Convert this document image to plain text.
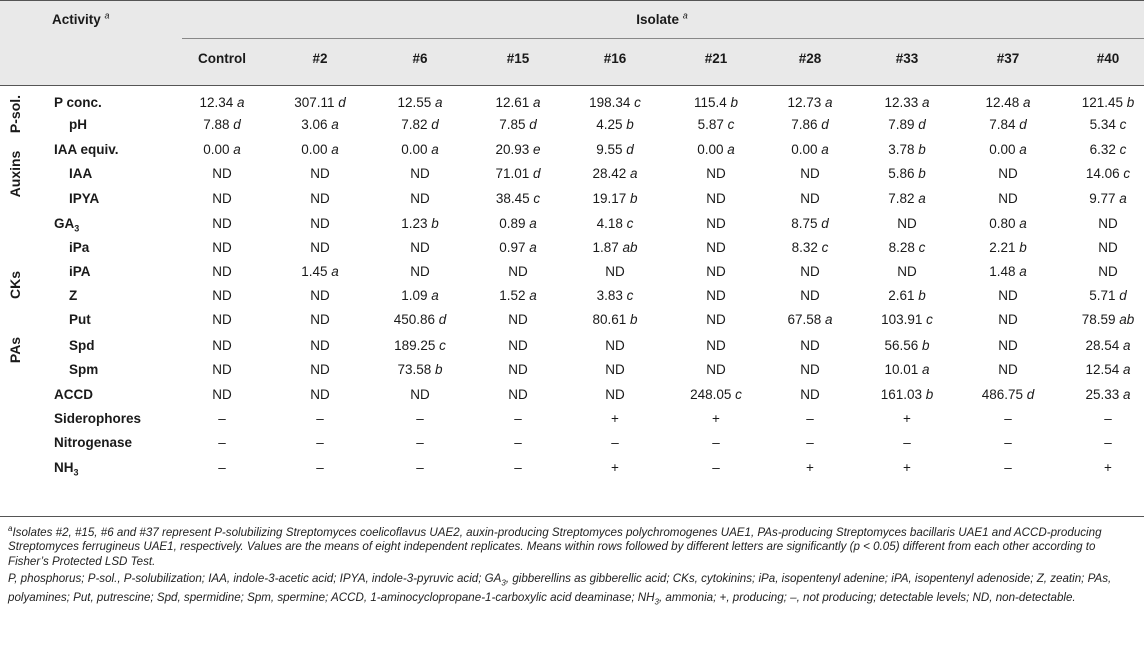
Activity $^a$	Isolate $^a$
Control	#2	#6	#15	#16	#21	#28	#33	#37	#40
P-sol.
Auxins
CKs
PAs
P conc.	12.34 a	307.11 d	12.55 a	12.61 a	198.34 c	115.4 b	12.73 a	12.33 a	12.48 a	121.45 b
pH	7.88 d	3.06 a	7.82 d	7.85 d	4.25 b	5.87 c	7.86 d	7.89 d	7.84 d	5.34 c
IAA equiv.	0.00 a	0.00 a	0.00 a	20.93 e	9.55 d	0.00 a	0.00 a	3.78 b	0.00 a	6.32 c
IAA	ND	ND	ND	71.01 d	28.42 a	ND	ND	5.86 b	ND	14.06 c
IPYA	ND	ND	ND	38.45 c	19.17 b	ND	ND	7.82 a	ND	9.77 a
$GA_3$	ND	ND	1.23 b	0.89 a	4.18 c	ND	8.75 d	ND	0.80 a	ND
iPa	ND	ND	ND	0.97 a	1.87 ab	ND	8.32 c	8.28 c	2.21 b	ND
iPA	ND	1.45 a	ND	ND	ND	ND	ND	ND	1.48 a	ND
Z	ND	ND	1.09 a	1.52 a	3.83 c	ND	ND	2.61 b	ND	5.71 d
Put	ND	ND	450.86 d	ND	80.61 b	ND	67.58 a	103.91 c	ND	78.59 ab
Spd	ND	ND	189.25 c	ND	ND	ND	ND	56.56 b	ND	28.54 a
Spm	ND	ND	73.58 b	ND	ND	ND	ND	10.01 a	ND	12.54 a
ACCD	ND	ND	ND	ND	ND	248.05 c	ND	161.03 b	486.75 d	25.33 a
Siderophores	–	–	–	–	+	+	–	+	–	–
Nitrogenase	–	–	–	–	–	–	–	–	–	–
$NH_3$	–	–	–	–	+	–	+	+	–	+

$^a$Isolates #2, #15, #6 and #37 represent P-solubilizing Streptomyces coelicoflavus UAE2, auxin-producing Streptomyces polychromogenes UAE1, PAs-producing Streptomyces bacillaris UAE1 and ACCD-producing Streptomyces ferrugineus UAE1, respectively. Values are the means of eight independent replicates. Means within rows followed by different letters are significantly (p < 0.05) different from each other according to Fisher’s Protected LSD Test.

P, phosphorus; P-sol., P-solubilization; IAA, indole-3-acetic acid; IPYA, indole-3-pyruvic acid; $GA_3$, gibberellins as gibberellic acid; CKs, cytokinins; iPa, isopentenyl adenine; iPA, isopentenyl adenoside; Z, zeatin; PAs, polyamines; Put, putrescine; Spd, spermidine; Spm, spermine; ACCD, 1-aminocyclopropane-1-carboxylic acid deaminase; $NH_3$, ammonia; +, producing; –, not producing; detectable levels; ND, non-detectable.
